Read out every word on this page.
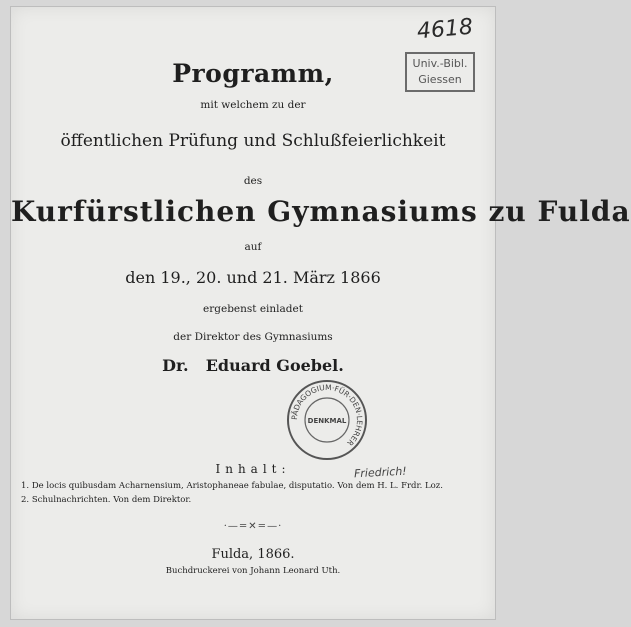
4618
Univ.-Bibl.
Giessen
Programm,
mit welchem zu der
öffentlichen Prüfung und Schlußfeierlichkeit
des
Kurfürstlichen Gymnasiums zu Fulda
auf
den 19., 20. und 21. März 1866
ergebenst einladet
der Direktor des Gymnasiums
Dr. Eduard Goebel.
PÄDAGOGIUM·FÜR·DEN·LEHRER
DENKMAL
Inhalt:	Friedrich!
1. De locis quibusdam Acharnensium, Aristophaneae fabulae, disputatio. Von dem H. L. Frdr. Loz.
2. Schulnachrichten. Von dem Direktor.
·—=✕=—·
Fulda, 1866.
Buchdruckerei von Johann Leonard Uth.
